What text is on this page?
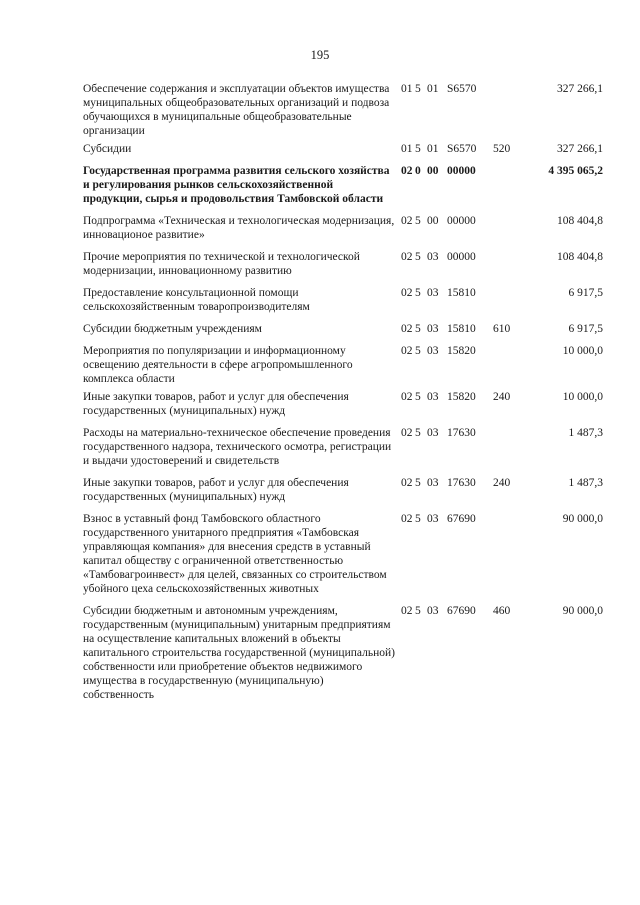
195
Обеспечение содержания и эксплуатации объектов имущества муниципальных общеобразовательных организаций и подвоза обучающихся в муниципальные общеобразовательные организации	01	5	01	S6570		327 266,1
Субсидии	01	5	01	S6570	520	327 266,1
Государственная программа развития сельского хозяйства и регулирования рынков сельскохозяйственной продукции, сырья и продовольствия Тамбовской области	02	0	00	00000		4 395 065,2
Подпрограмма «Техническая и технологическая модернизация, инновационое развитие»	02	5	00	00000		108 404,8
Прочие мероприятия по технической и технологической модернизации, инновационному развитию	02	5	03	00000		108 404,8
Предоставление консультационной помощи сельскохозяйственным товаропроизводителям	02	5	03	15810		6 917,5
Субсидии бюджетным учреждениям	02	5	03	15810	610	6 917,5
Мероприятия по популяризации и информационному освещению деятельности в сфере агропромышленного комплекса области	02	5	03	15820		10 000,0
Иные закупки товаров, работ и услуг для обеспечения государственных (муниципальных) нужд	02	5	03	15820	240	10 000,0
Расходы на материально-техническое обеспечение проведения государственного надзора, технического осмотра, регистрации и выдачи удостоверений и свидетельств	02	5	03	17630		1 487,3
Иные закупки товаров, работ и услуг для обеспечения государственных (муниципальных) нужд	02	5	03	17630	240	1 487,3
Взнос в уставный фонд Тамбовского областного государственного унитарного предприятия «Тамбовская управляющая компания» для внесения средств в уставный капитал обществу с ограниченной ответственностью «Тамбовагроинвест» для целей, связанных со строительством убойного цеха сельскохозяйственных животных	02	5	03	67690		90 000,0
Субсидии бюджетным и автономным учреждениям, государственным (муниципальным) унитарным предприятиям на осуществление капитальных вложений в объекты капитального строительства государственной (муниципальной) собственности или приобретение объектов недвижимого имущества в государственную (муниципальную) собственность	02	5	03	67690	460	90 000,0
